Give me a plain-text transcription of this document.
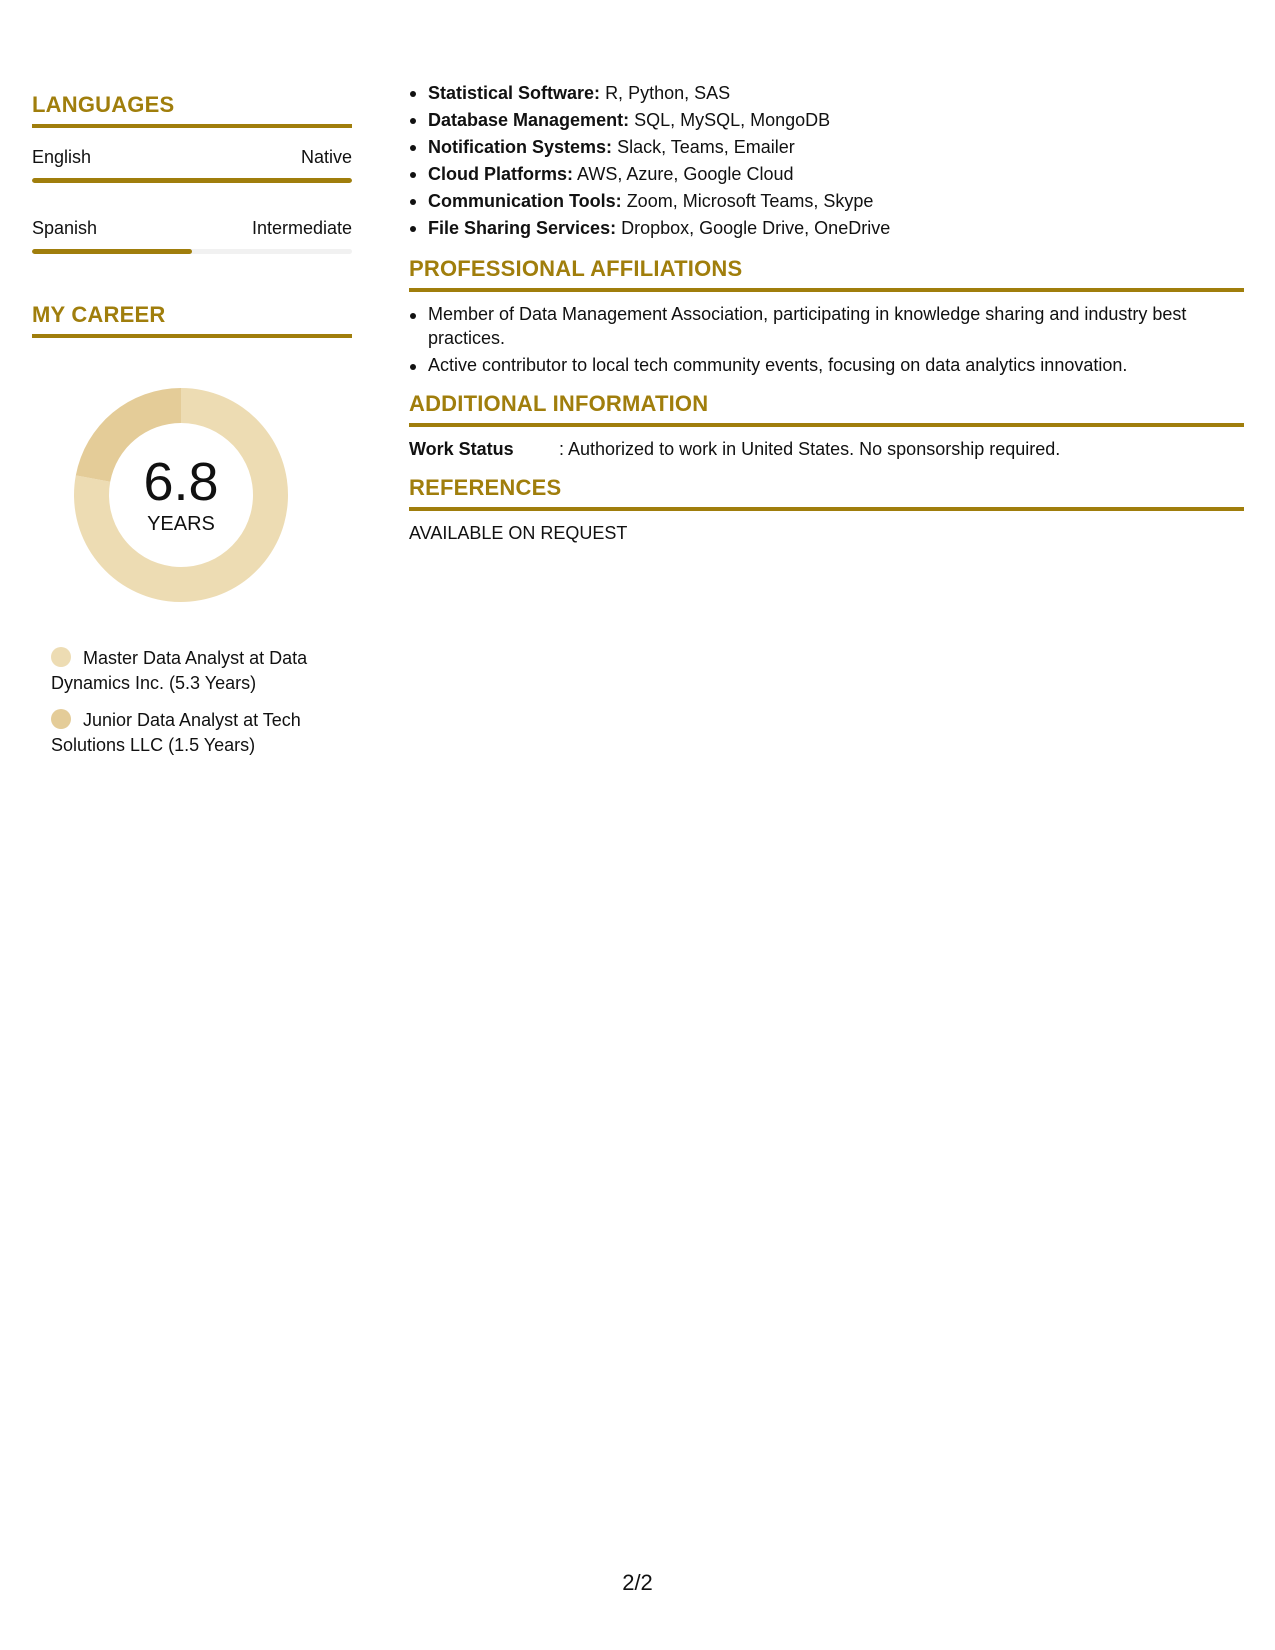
LANGUAGES
English	Native
Spanish	Intermediate
MY CAREER
6.8
YEARS
Master Data Analyst at Data Dynamics Inc. (5.3 Years)
Junior Data Analyst at Tech Solutions LLC (1.5 Years)
Statistical Software: R, Python, SAS
Database Management: SQL, MySQL, MongoDB
Notification Systems: Slack, Teams, Emailer
Cloud Platforms: AWS, Azure, Google Cloud
Communication Tools: Zoom, Microsoft Teams, Skype
File Sharing Services: Dropbox, Google Drive, OneDrive
PROFESSIONAL AFFILIATIONS
Member of Data Management Association, participating in knowledge sharing and industry best practices.
Active contributor to local tech community events, focusing on data analytics innovation.
ADDITIONAL INFORMATION
Work Status	: Authorized to work in United States. No sponsorship required.
REFERENCES
AVAILABLE ON REQUEST
2/2
